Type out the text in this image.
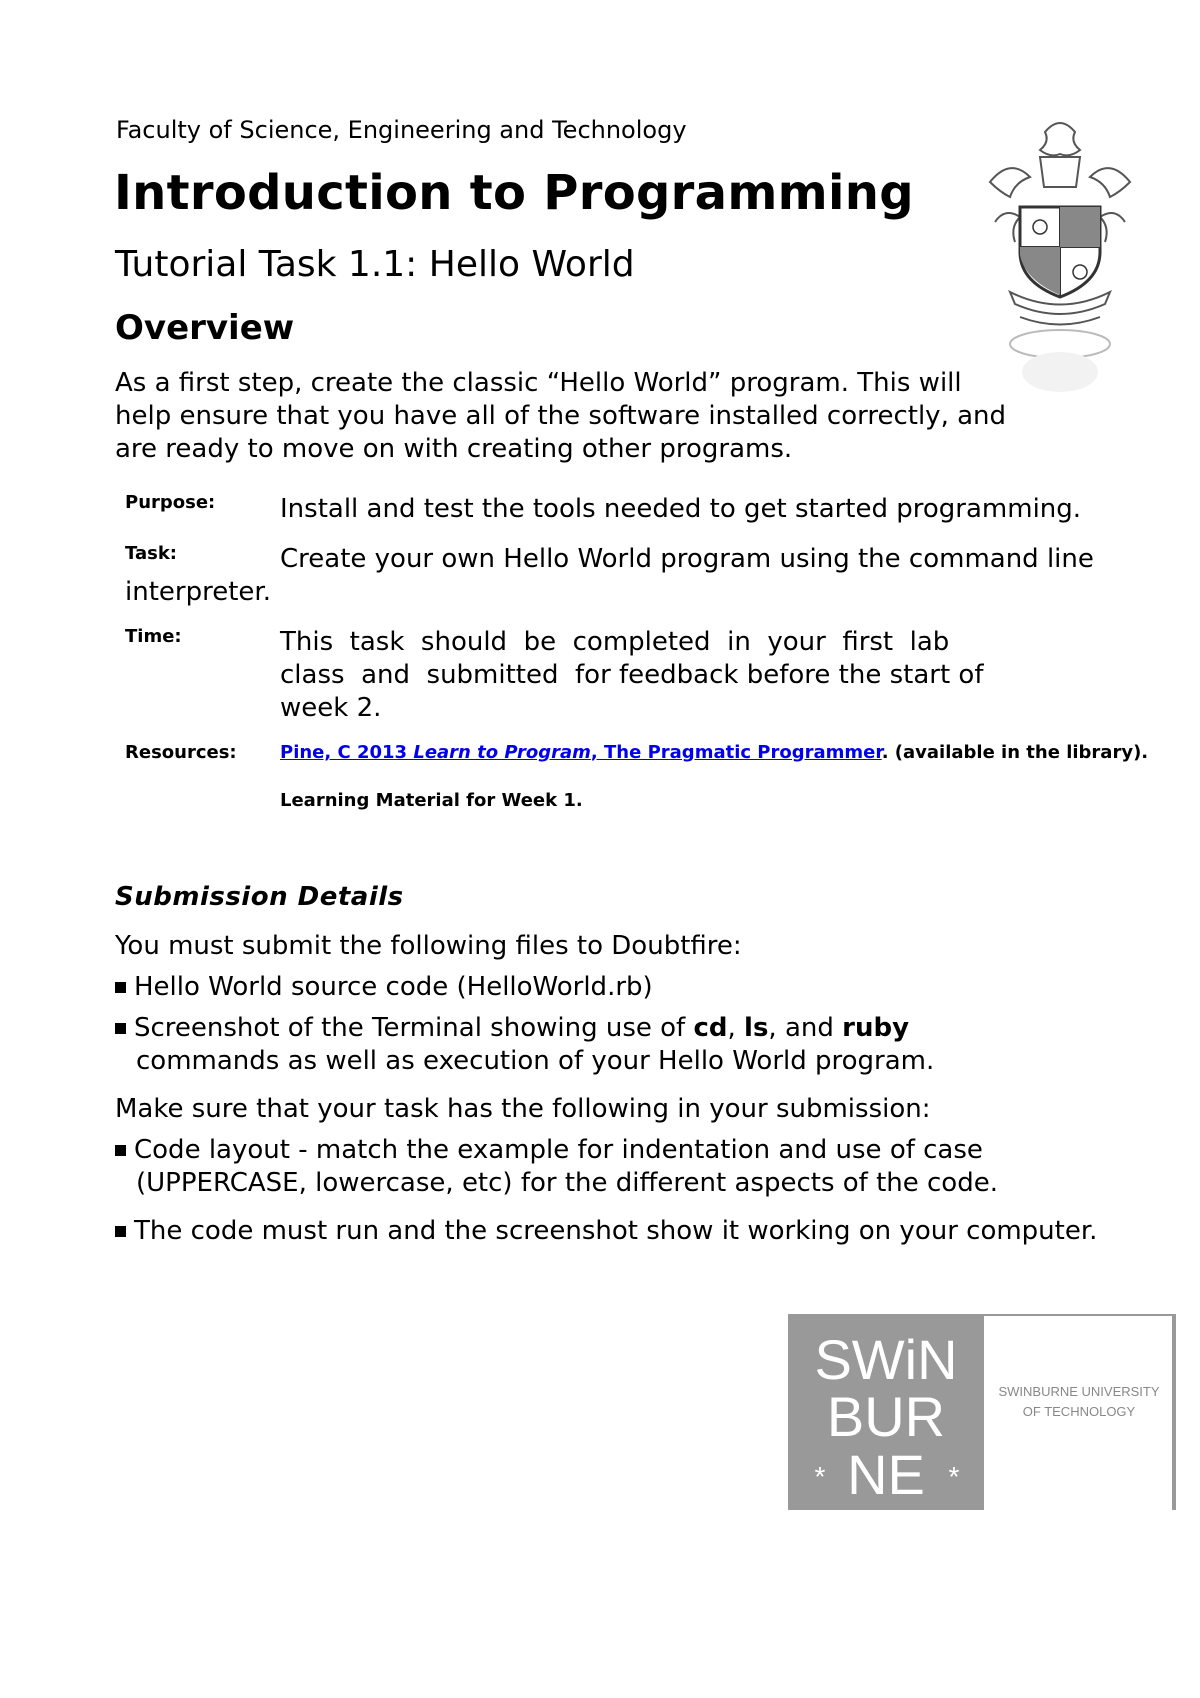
Faculty of Science, Engineering and Technology
Introduction to Programming
Tutorial Task 1.1: Hello World
Overview
As a first step, create the classic “Hello World” program. This will
help ensure that you have all of the software installed correctly, and
are ready to move on with creating other programs.
Purpose: Install and test the tools needed to get started programming.
Task:	Create your own Hello World program using the command line
interpreter.
Time:	This  task  should  be  completed  in  your  first  lab
class  and  submitted  for feedback before the start of
week 2.
Resources: Pine, C 2013 Learn to Program, The Pragmatic Programmer. (available in the library).
Learning Material for Week 1.
Submission Details
You must submit the following files to Doubtfire:
Hello World source code (HelloWorld.rb)
Screenshot of the Terminal showing use of cd, ls, and ruby
commands as well as execution of your Hello World program.
Make sure that your task has the following in your submission:
Code layout - match the example for indentation and use of case
(UPPERCASE, lowercase, etc) for the different aspects of the code.
The code must run and the screenshot show it working on your computer.
SWiN
BUR
NE
*	*
SWINBURNE UNIVERSITY
OF TECHNOLOGY
